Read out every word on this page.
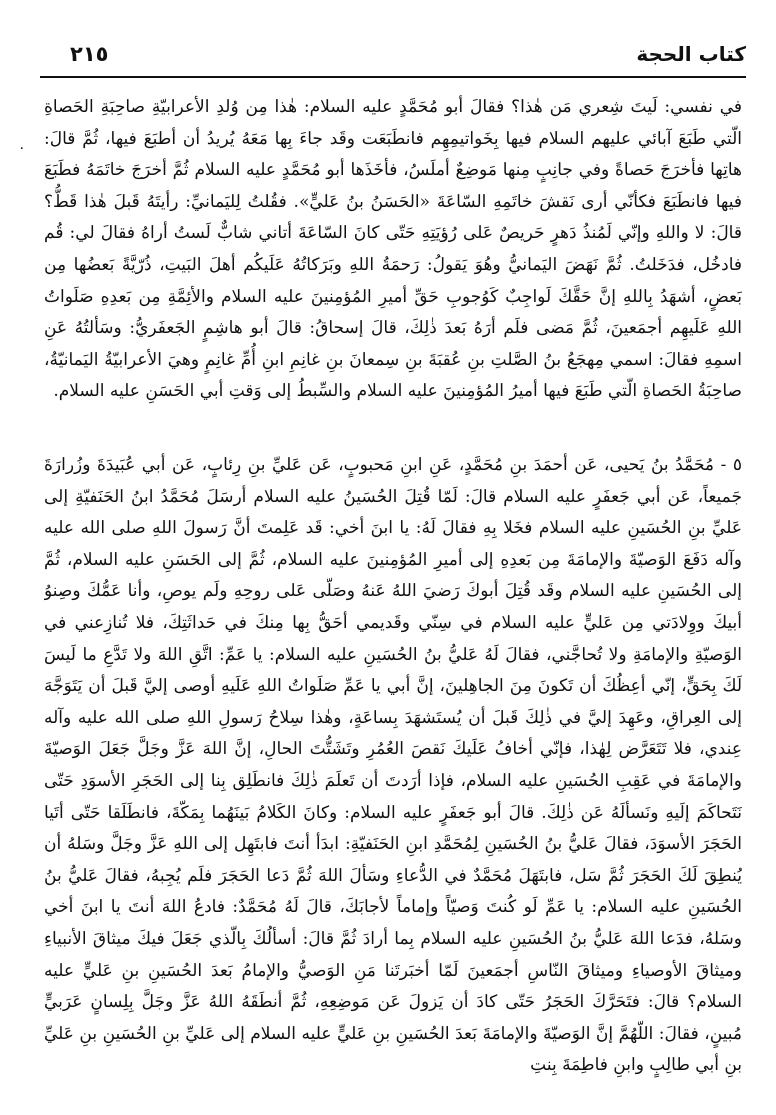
٢١٥	كتاب الحجة
٠

في نفسي: لَيتَ شِعري مَن هٰذا؟ فقالَ أبو مُحَمَّدٍ عليه السلام: هٰذا مِن وُلدِ الأعرابيّةِ صاحِبَةِ الحَصاةِ الّتي طَبَعَ آبائي عليهم السلام فيها بِخَواتيمِهِم فانطَبَعَت وقَد جاءَ بِها مَعَهُ يُريدُ أن أطبَعَ فيها، ثُمَّ قالَ: هاتِها فأخرَجَ حَصاةً وفي جانِبٍ مِنها مَوضِعٌ أملَسُ، فأخَذَها أبو مُحَمَّدٍ عليه السلام ثُمَّ أخرَجَ خاتَمَهُ فطَبَعَ فيها فانطَبَعَ فكأنّي أرى نَقشَ خاتَمِهِ السّاعَةَ «الحَسَنُ بنُ عَليٍّ». فقُلتُ لِليَمانيِّ: رأيتَهُ قَبلَ هٰذا قَطُّ؟ قالَ: لا واللهِ وإنّي لَمُنذُ دَهرٍ حَريصٌ عَلى رُؤيَتِهِ حَتّى كانَ السّاعَةَ أتاني شابٌّ لَستُ أراهُ فقالَ لي: قُم فادخُل، فدَخَلتُ. ثُمَّ نَهَضَ اليَمانيُّ وهُوَ يَقولُ: رَحمَةُ اللهِ وبَرَكاتُهُ عَلَيكُم أهلَ البَيتِ، ذُرّيَّةً بَعضُها مِن بَعضٍ، أشهَدُ بِاللهِ إنَّ حَقَّكَ لَواجِبٌ كَوُجوبِ حَقِّ أميرِ المُؤمِنينَ عليه السلام والأئِمَّةِ مِن بَعدِهِ صَلَواتُ اللهِ عَلَيهِم أجمَعينَ، ثُمَّ مَضى فلَم أرَهُ بَعدَ ذٰلِكَ، قالَ إسحاقُ: قالَ أبو هاشِمٍ الجَعفَريُّ: وسَألتُهُ عَنِ اسمِهِ فقالَ: اسمي مِهجَعُ بنُ الصَّلتِ بنِ عُقبَةَ بنِ سِمعانَ بنِ غانِمِ ابنِ أُمِّ غانِمٍ وهيَ الأعرابيّةُ اليَمانيّةُ، صاحِبَةُ الحَصاةِ الّتي طَبَعَ فيها أميرُ المُؤمِنينَ عليه السلام والسِّبطُ إلى وَقتِ أبي الحَسَنِ عليه السلام.

٥ - مُحَمَّدُ بنُ يَحيى، عَن أحمَدَ بنِ مُحَمَّدٍ، عَنِ ابنِ مَحبوبٍ، عَن عَليِّ بنِ رِئابٍ، عَن أبي عُبَيدَةَ وزُرارَةَ جَميعاً، عَن أبي جَعفَرٍ عليه السلام قالَ: لَمّا قُتِلَ الحُسَينُ عليه السلام أرسَلَ مُحَمَّدُ ابنُ الحَنَفيّةِ إلى عَليِّ بنِ الحُسَينِ عليه السلام فخَلا بِهِ فقالَ لَهُ: يا ابنَ أخي: قَد عَلِمتَ أنَّ رَسولَ اللهِ صلى الله عليه وآله دَفَعَ الوَصيّةَ والإمامَةَ مِن بَعدِهِ إلى أميرِ المُؤمِنينَ عليه السلام، ثُمَّ إلى الحَسَنِ عليه السلام، ثُمَّ إلى الحُسَينِ عليه السلام وقَد قُتِلَ أبوكَ رَضيَ اللهُ عَنهُ وصَلّى عَلى روحِهِ ولَم يوصِ، وأنا عَمُّكَ وصِنوُ أبيكَ ووِلادَتي مِن عَليٍّ عليه السلام في سِنّي وقَديمي أحَقُّ بِها مِنكَ في حَداثَتِكَ، فلا تُنازِعني في الوَصيّةِ والإمامَةِ ولا تُحاجَّني، فقالَ لَهُ عَليُّ بنُ الحُسَينِ عليه السلام: يا عَمِّ: اتَّقِ اللهَ ولا تَدَّعِ ما لَيسَ لَكَ بِحَقٍّ، إنّي أعِظُكَ أن تَكونَ مِنَ الجاهِلينَ، إنَّ أبي يا عَمِّ صَلَواتُ اللهِ عَلَيهِ أوصى إليَّ قَبلَ أن يَتَوَجَّهَ إلى العِراقِ، وعَهِدَ إليَّ في ذٰلِكَ قَبلَ أن يُستَشهَدَ بِساعَةٍ، وهٰذا سِلاحُ رَسولِ اللهِ صلى الله عليه وآله عِندي، فلا تَتَعَرَّض لِهٰذا، فإنّي أخافُ عَلَيكَ نَقصَ العُمُرِ وتَشَتُّتَ الحالِ، إنَّ اللهَ عَزَّ وجَلَّ جَعَلَ الوَصيّةَ والإمامَةَ في عَقِبِ الحُسَينِ عليه السلام، فإذا أرَدتَ أن تَعلَمَ ذٰلِكَ فانطَلِق بِنا إلى الحَجَرِ الأسوَدِ حَتّى نَتَحاكَمَ إلَيهِ ونَسألَهُ عَن ذٰلِكَ. قالَ أبو جَعفَرٍ عليه السلام: وكانَ الكَلامُ بَينَهُما بِمَكّةَ، فانطَلَقا حَتّى أتَيا الحَجَرَ الأسوَدَ، فقالَ عَليُّ بنُ الحُسَينِ لِمُحَمَّدِ ابنِ الحَنَفيّةِ: ابدَأ أنتَ فابتَهِل إلى اللهِ عَزَّ وجَلَّ وسَلهُ أن يُنطِقَ لَكَ الحَجَرَ ثُمَّ سَل، فابتَهَلَ مُحَمَّدٌ في الدُّعاءِ وسَألَ اللهَ ثُمَّ دَعا الحَجَرَ فلَم يُجِبهُ، فقالَ عَليُّ بنُ الحُسَينِ عليه السلام: يا عَمِّ لَو كُنتَ وَصيّاً وإماماً لأجابَكَ، قالَ لَهُ مُحَمَّدٌ: فادعُ اللهَ أنتَ يا ابنَ أخي وسَلهُ، فدَعا اللهَ عَليُّ بنُ الحُسَينِ عليه السلام بِما أرادَ ثُمَّ قالَ: أسألُكَ بِالّذي جَعَلَ فيكَ ميثاقَ الأنبياءِ وميثاقَ الأوصياءِ وميثاقَ النّاسِ أجمَعينَ لَمّا أخبَرتَنا مَنِ الوَصيُّ والإمامُ بَعدَ الحُسَينِ بنِ عَليٍّ عليه السلام؟ قالَ: فتَحَرَّكَ الحَجَرُ حَتّى كادَ أن يَزولَ عَن مَوضِعِهِ، ثُمَّ أنطَقَهُ اللهُ عَزَّ وجَلَّ بِلِسانٍ عَرَبيٍّ مُبينٍ، فقالَ: اللّهُمَّ إنَّ الوَصيّةَ والإمامَةَ بَعدَ الحُسَينِ بنِ عَليٍّ عليه السلام إلى عَليِّ بنِ الحُسَينِ بنِ عَليِّ بنِ أبي طالِبٍ وابنِ فاطِمَةَ بِنتِ
